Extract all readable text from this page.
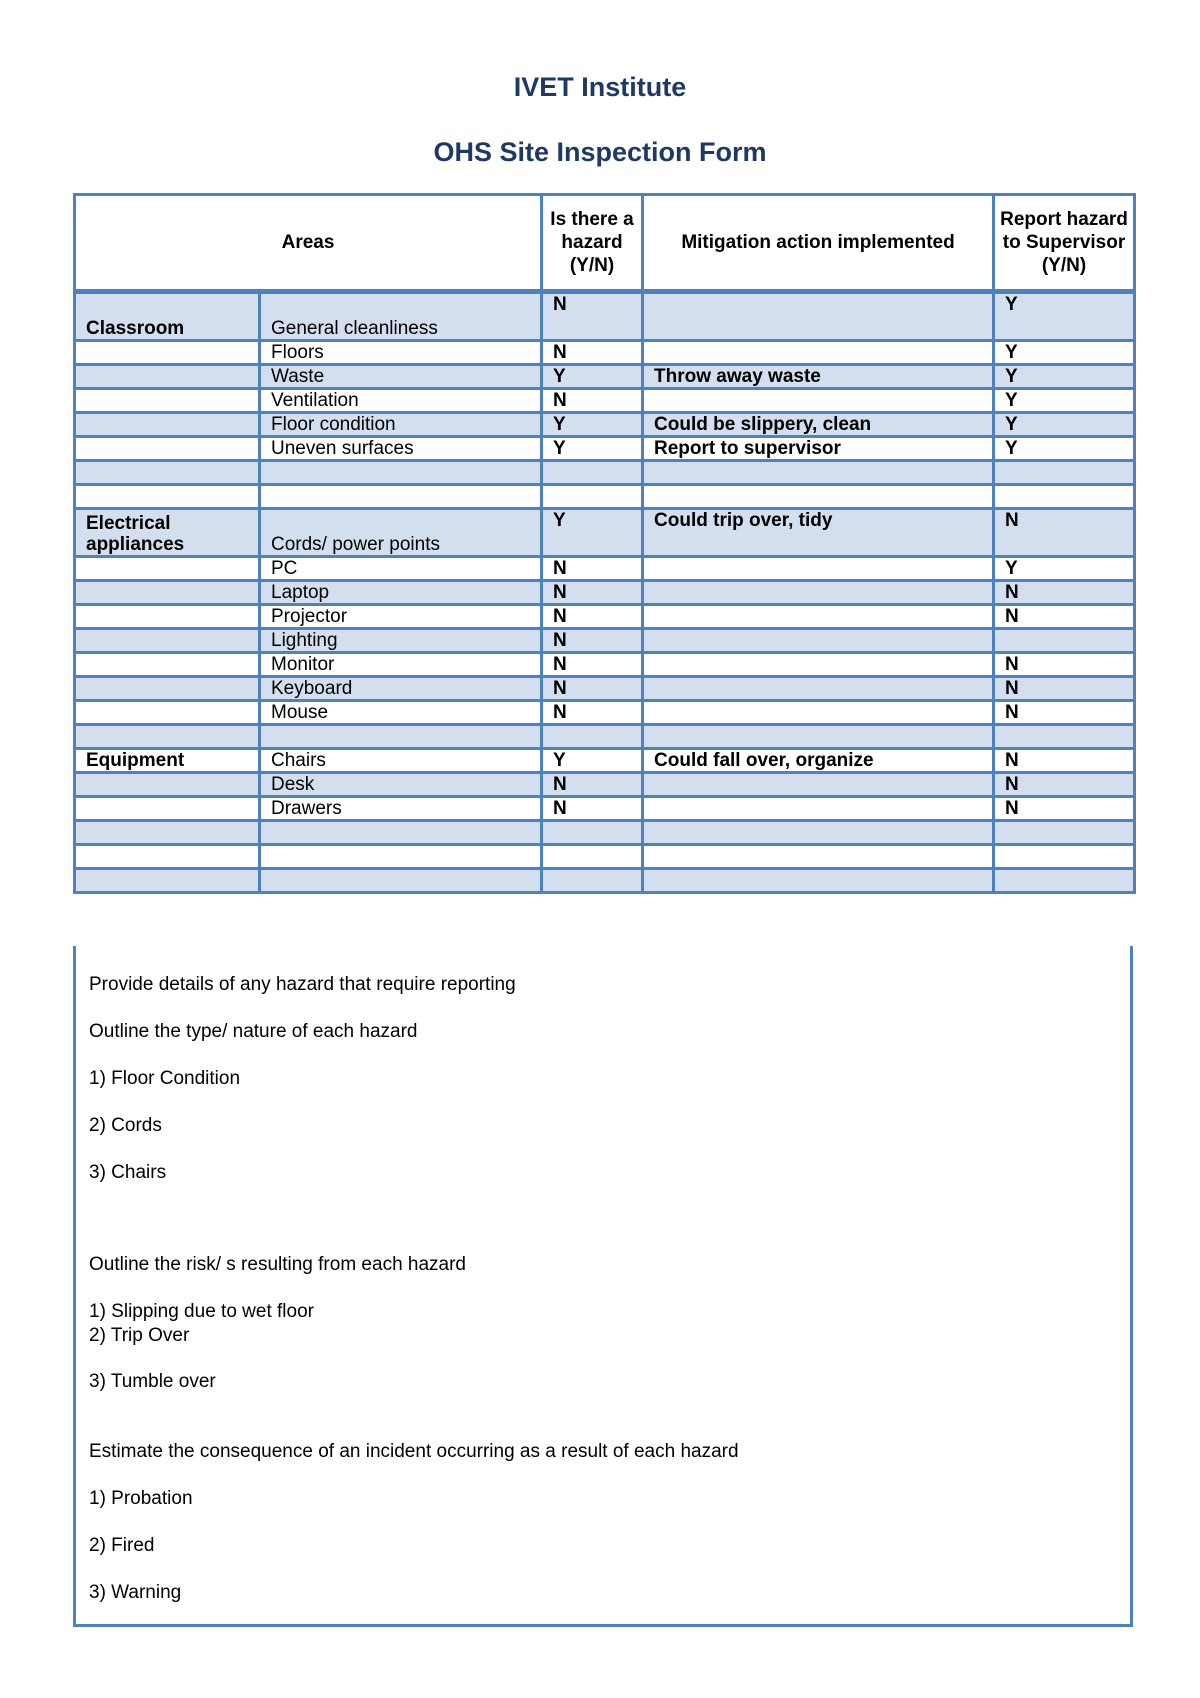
IVET Institute
OHS Site Inspection Form
Areas		Is there a hazard (Y/N)	Mitigation action implemented	Report hazard to Supervisor (Y/N)
Classroom	General cleanliness	N		Y
	Floors	N		Y
	Waste	Y	Throw away waste	Y
	Ventilation	N		Y
	Floor condition	Y	Could be slippery, clean	Y
	Uneven surfaces	Y	Report to supervisor	Y

Electrical appliances	Cords/ power points	Y	Could trip over, tidy	N
	PC	N		Y
	Laptop	N		N
	Projector	N		N
	Lighting	N		
	Monitor	N		N
	Keyboard	N		N
	Mouse	N		N

Equipment	Chairs	Y	Could fall over, organize	N
	Desk	N		N
	Drawers	N		N

Provide details of any hazard that require reporting
Outline the type/ nature of each hazard
1) Floor Condition
2) Cords
3) Chairs
Outline the risk/ s resulting from each hazard
1) Slipping due to wet floor
2) Trip Over
3) Tumble over
Estimate the consequence of an incident occurring as a result of each hazard
1) Probation
2) Fired
3) Warning
